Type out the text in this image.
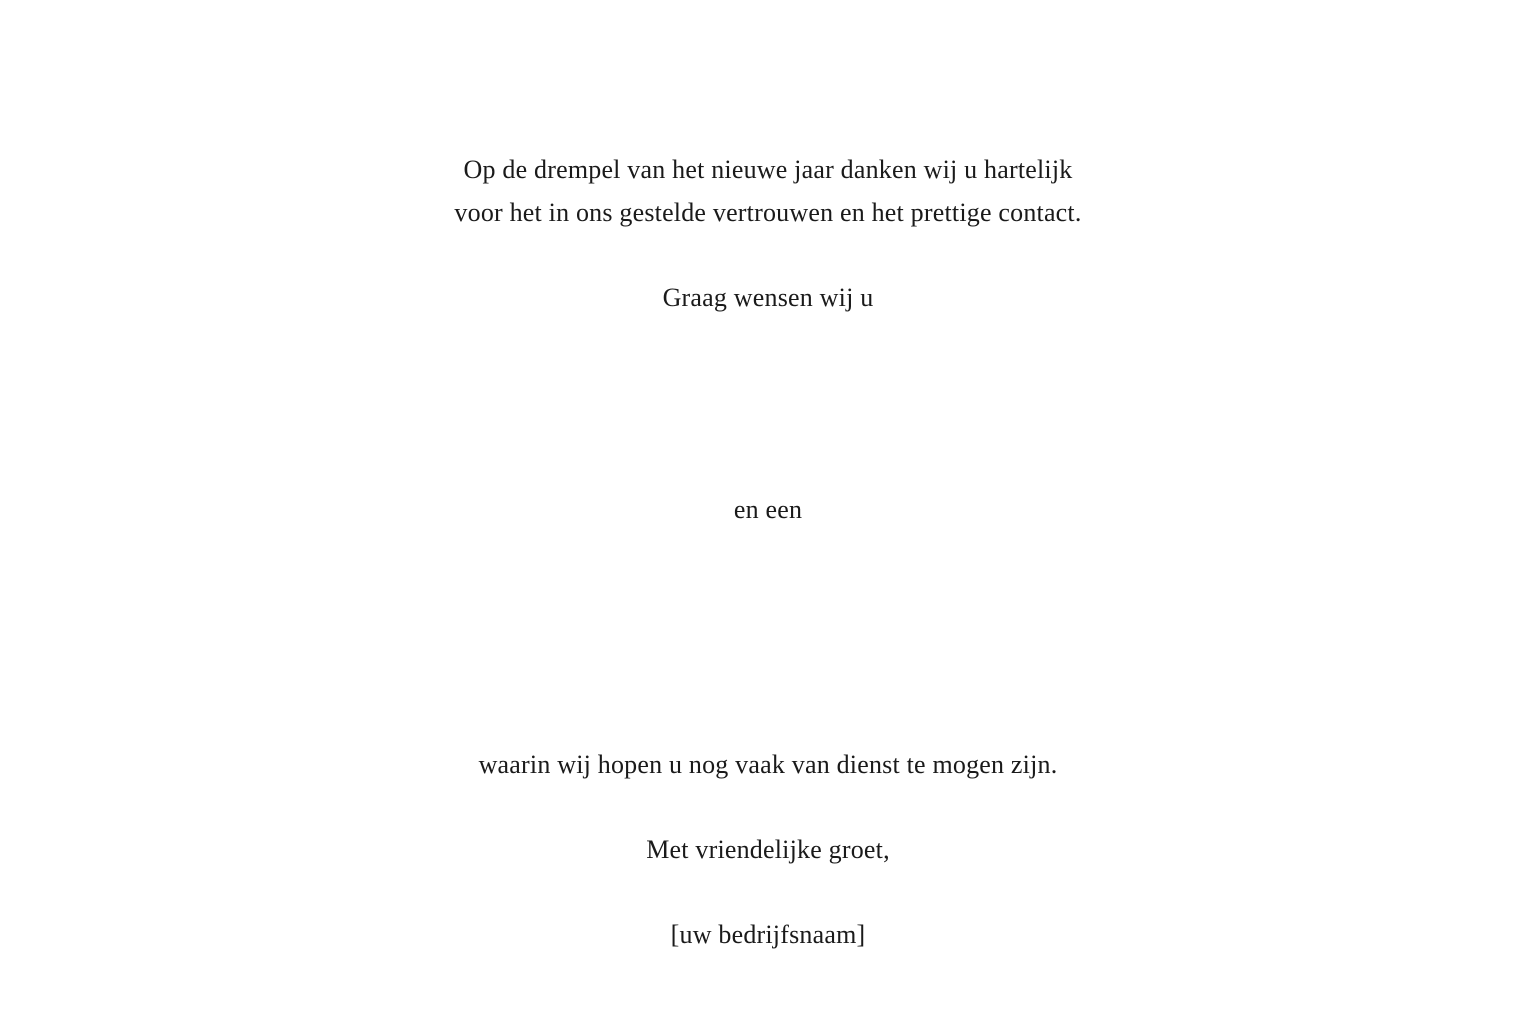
Op de drempel van het nieuwe jaar danken wij u hartelijk

voor het in ons gestelde vertrouwen en het prettige contact.

Graag wensen wij u

en een

waarin wij hopen u nog vaak van dienst te mogen zijn.

Met vriendelijke groet,

[uw bedrijfsnaam]
